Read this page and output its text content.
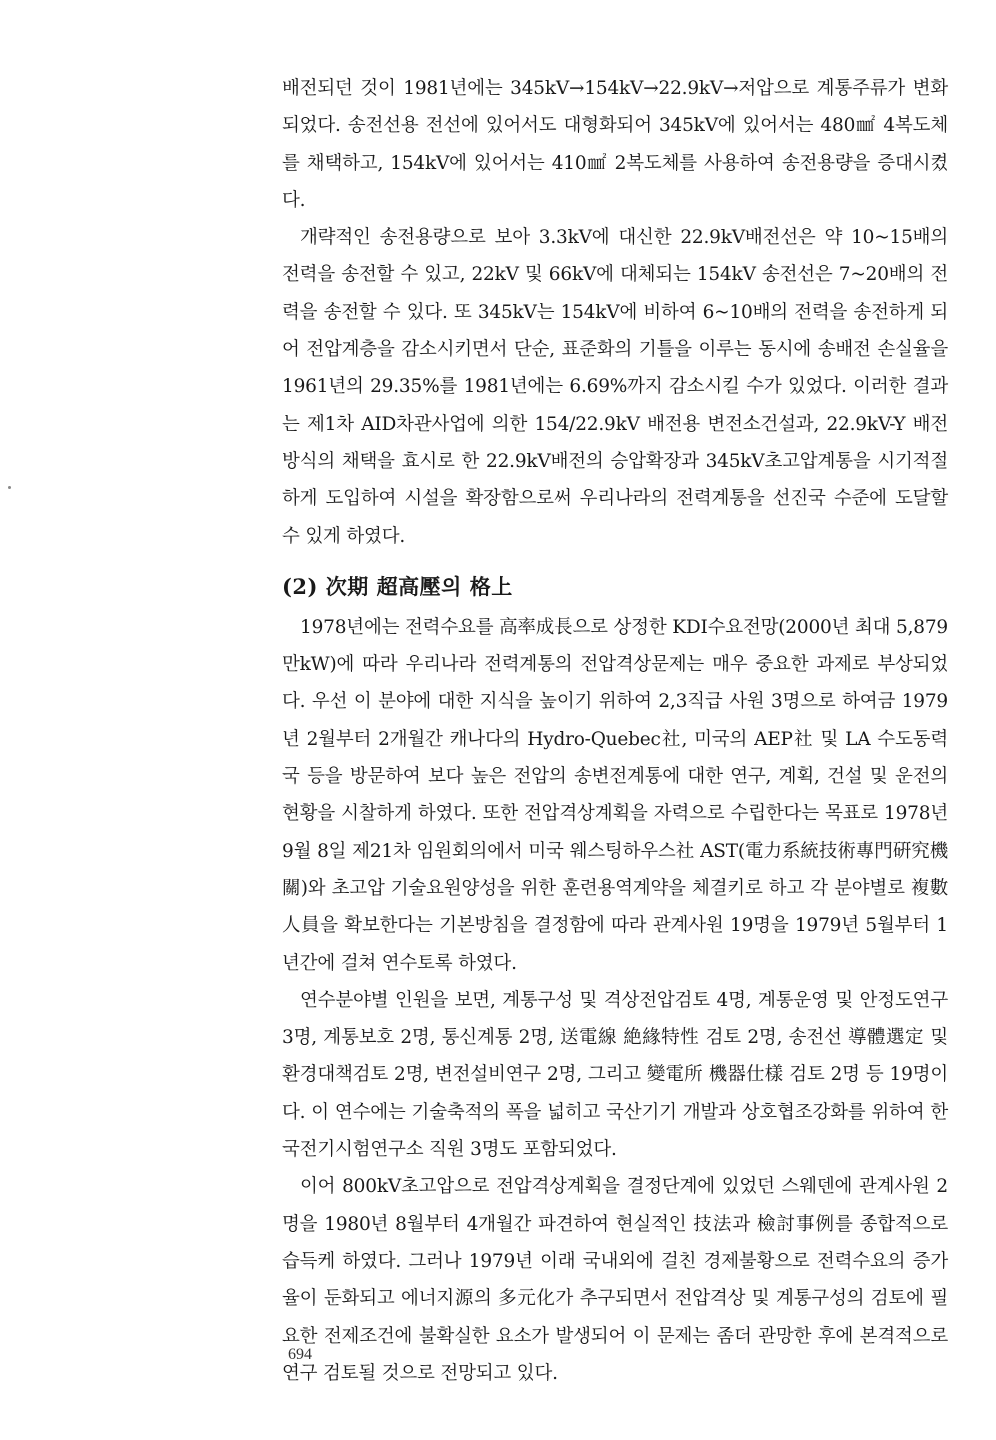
배전되던 것이 1981년에는 345kV→154kV→22.9kV→저압으로 계통주류가 변화되었다. 송전선용 전선에 있어서도 대형화되어 345kV에 있어서는 480㎟ 4복도체를 채택하고, 154kV에 있어서는 410㎟ 2복도체를 사용하여 송전용량을 증대시켰다.

개략적인 송전용량으로 보아 3.3kV에 대신한 22.9kV배전선은 약 10~15배의 전력을 송전할 수 있고, 22kV 및 66kV에 대체되는 154kV 송전선은 7~20배의 전력을 송전할 수 있다. 또 345kV는 154kV에 비하여 6~10배의 전력을 송전하게 되어 전압계층을 감소시키면서 단순, 표준화의 기틀을 이루는 동시에 송배전 손실율을 1961년의 29.35%를 1981년에는 6.69%까지 감소시킬 수가 있었다. 이러한 결과는 제1차 AID차관사업에 의한 154/22.9kV 배전용 변전소건설과, 22.9kV-Y 배전방식의 채택을 효시로 한 22.9kV배전의 승압확장과 345kV초고압계통을 시기적절하게 도입하여 시설을 확장함으로써 우리나라의 전력계통을 선진국 수준에 도달할 수 있게 하였다.

(2) 次期 超高壓의 格上

1978년에는 전력수요를 高率成長으로 상정한 KDI수요전망(2000년 최대 5,879만kW)에 따라 우리나라 전력계통의 전압격상문제는 매우 중요한 과제로 부상되었다. 우선 이 분야에 대한 지식을 높이기 위하여 2,3직급 사원 3명으로 하여금 1979년 2월부터 2개월간 캐나다의 Hydro-Quebec社, 미국의 AEP社 및 LA 수도동력국 등을 방문하여 보다 높은 전압의 송변전계통에 대한 연구, 계획, 건설 및 운전의 현황을 시찰하게 하였다. 또한 전압격상계획을 자력으로 수립한다는 목표로 1978년 9월 8일 제21차 임원회의에서 미국 웨스팅하우스社 AST(電力系統技術專門硏究機關)와 초고압 기술요원양성을 위한 훈련용역계약을 체결키로 하고 각 분야별로 複數人員을 확보한다는 기본방침을 결정함에 따라 관계사원 19명을 1979년 5월부터 1년간에 걸쳐 연수토록 하였다.

연수분야별 인원을 보면, 계통구성 및 격상전압검토 4명, 계통운영 및 안정도연구 3명, 계통보호 2명, 통신계통 2명, 送電線 絶緣特性 검토 2명, 송전선 導體選定 및 환경대책검토 2명, 변전설비연구 2명, 그리고 變電所 機器仕樣 검토 2명 등 19명이다. 이 연수에는 기술축적의 폭을 넓히고 국산기기 개발과 상호협조강화를 위하여 한국전기시험연구소 직원 3명도 포함되었다.

이어 800kV초고압으로 전압격상계획을 결정단계에 있었던 스웨덴에 관계사원 2명을 1980년 8월부터 4개월간 파견하여 현실적인 技法과 檢討事例를 종합적으로 습득케 하였다. 그러나 1979년 이래 국내외에 걸친 경제불황으로 전력수요의 증가율이 둔화되고 에너지源의 多元化가 추구되면서 전압격상 및 계통구성의 검토에 필요한 전제조건에 불확실한 요소가 발생되어 이 문제는 좀더 관망한 후에 본격적으로 연구 검토될 것으로 전망되고 있다.

694
